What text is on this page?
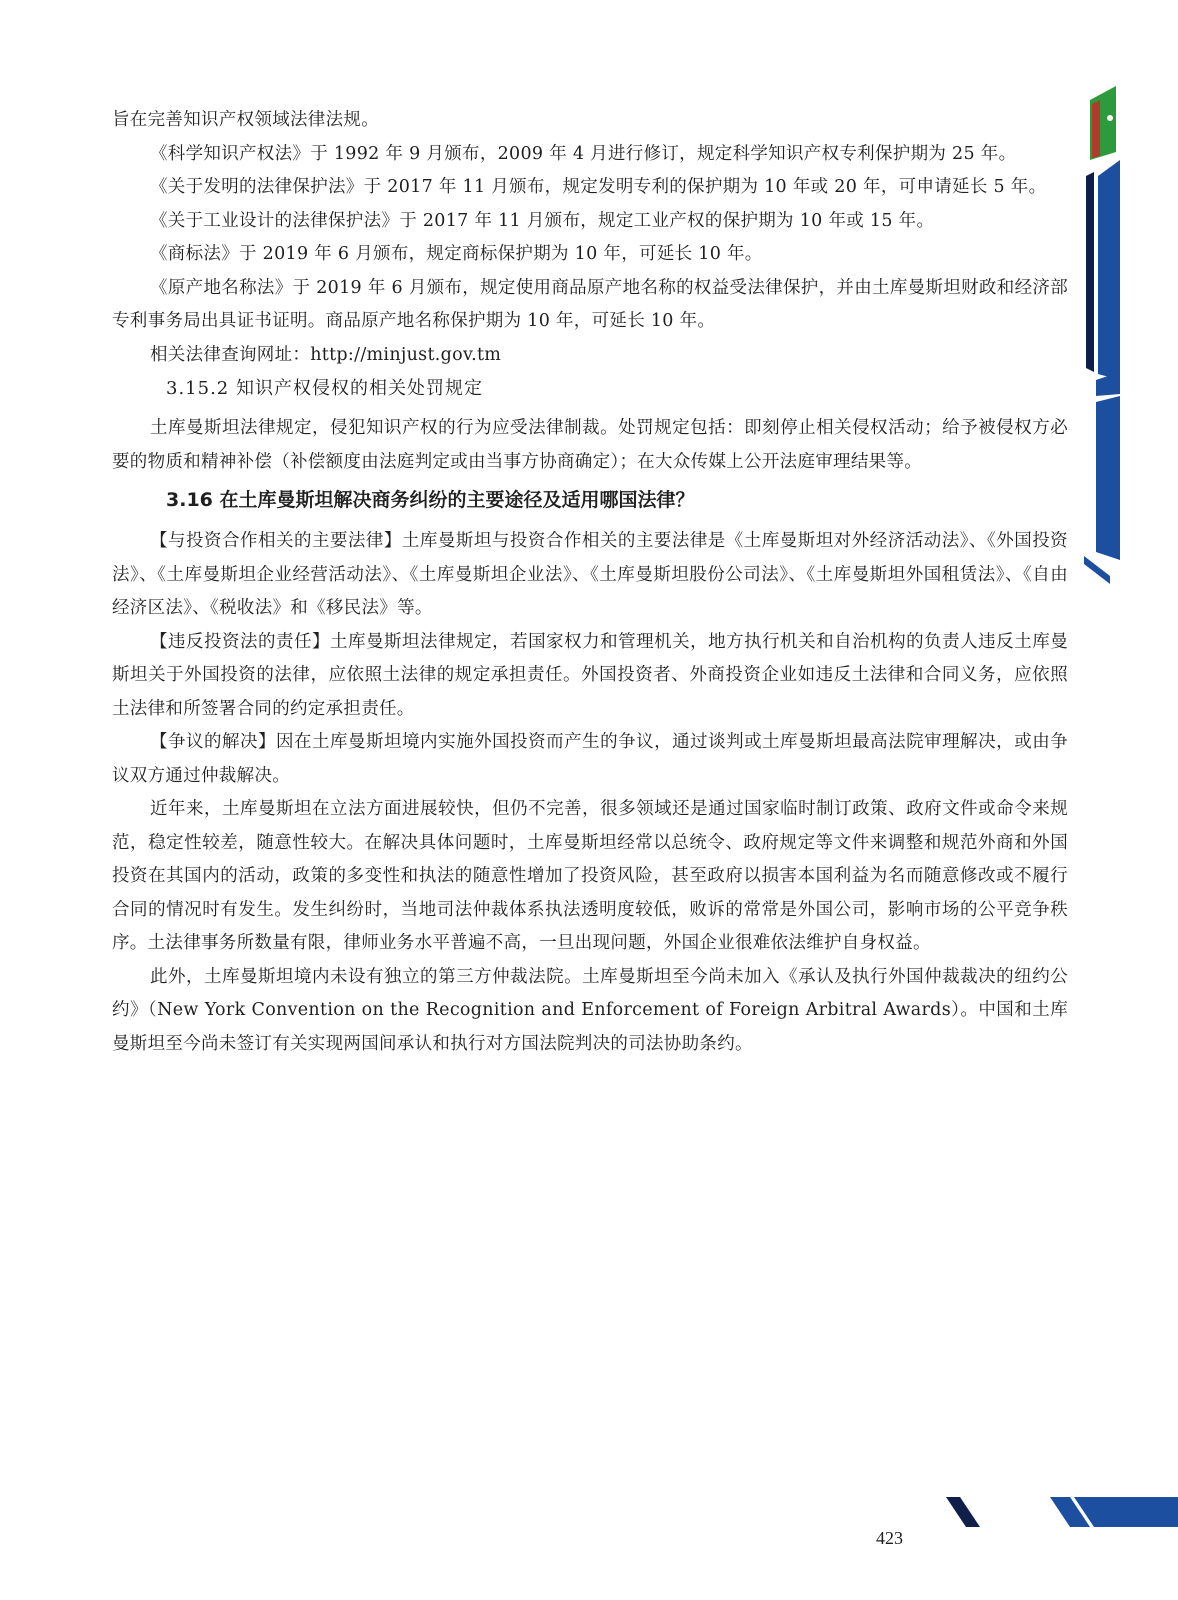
旨在完善知识产权领域法律法规。

《科学知识产权法》于 1992 年 9 月颁布，2009 年 4 月进行修订，规定科学知识产权专利保护期为 25 年。

《关于发明的法律保护法》于 2017 年 11 月颁布，规定发明专利的保护期为 10 年或 20 年，可申请延长 5 年。

《关于工业设计的法律保护法》于 2017 年 11 月颁布，规定工业产权的保护期为 10 年或 15 年。

《商标法》于 2019 年 6 月颁布，规定商标保护期为 10 年，可延长 10 年。

《原产地名称法》于 2019 年 6 月颁布，规定使用商品原产地名称的权益受法律保护，并由土库曼斯坦财政和经济部专利事务局出具证书证明。商品原产地名称保护期为 10 年，可延长 10 年。

相关法律查询网址：http://minjust.gov.tm

3.15.2 知识产权侵权的相关处罚规定

土库曼斯坦法律规定，侵犯知识产权的行为应受法律制裁。处罚规定包括：即刻停止相关侵权活动；给予被侵权方必要的物质和精神补偿（补偿额度由法庭判定或由当事方协商确定）；在大众传媒上公开法庭审理结果等。

3.16 在土库曼斯坦解决商务纠纷的主要途径及适用哪国法律？

【与投资合作相关的主要法律】土库曼斯坦与投资合作相关的主要法律是《土库曼斯坦对外经济活动法》、《外国投资法》、《土库曼斯坦企业经营活动法》、《土库曼斯坦企业法》、《土库曼斯坦股份公司法》、《土库曼斯坦外国租赁法》、《自由经济区法》、《税收法》和《移民法》等。

【违反投资法的责任】土库曼斯坦法律规定，若国家权力和管理机关，地方执行机关和自治机构的负责人违反土库曼斯坦关于外国投资的法律，应依照土法律的规定承担责任。外国投资者、外商投资企业如违反土法律和合同义务，应依照土法律和所签署合同的约定承担责任。

【争议的解决】因在土库曼斯坦境内实施外国投资而产生的争议，通过谈判或土库曼斯坦最高法院审理解决，或由争议双方通过仲裁解决。

近年来，土库曼斯坦在立法方面进展较快，但仍不完善，很多领域还是通过国家临时制订政策、政府文件或命令来规范，稳定性较差，随意性较大。在解决具体问题时，土库曼斯坦经常以总统令、政府规定等文件来调整和规范外商和外国投资在其国内的活动，政策的多变性和执法的随意性增加了投资风险，甚至政府以损害本国利益为名而随意修改或不履行合同的情况时有发生。发生纠纷时，当地司法仲裁体系执法透明度较低，败诉的常常是外国公司，影响市场的公平竞争秩序。土法律事务所数量有限，律师业务水平普遍不高，一旦出现问题，外国企业很难依法维护自身权益。

此外，土库曼斯坦境内未设有独立的第三方仲裁法院。土库曼斯坦至今尚未加入《承认及执行外国仲裁裁决的纽约公约》（New York Convention on the Recognition and Enforcement of Foreign Arbitral Awards）。中国和土库曼斯坦至今尚未签订有关实现两国间承认和执行对方国法院判决的司法协助条约。

423
